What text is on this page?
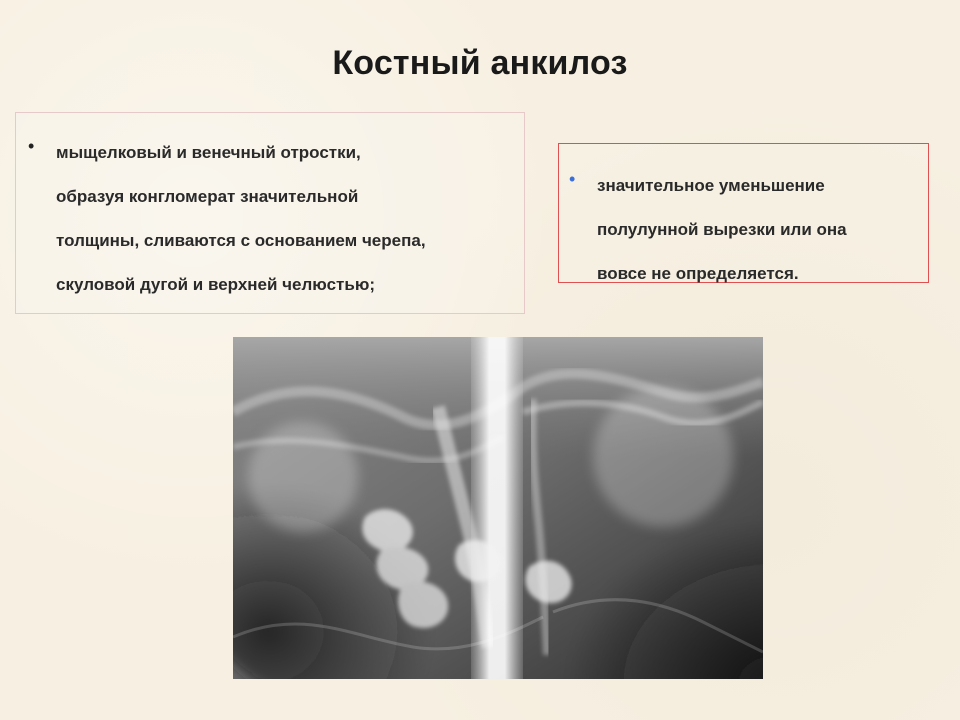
Костный анкилоз
•	мыщелковый и венечный отростки,
образуя конгломерат значительной
толщины, сливаются с основанием черепа,
скуловой дугой и верхней челюстью;
•	значительное уменьшение
полулунной вырезки или она
вовсе не определяется.
